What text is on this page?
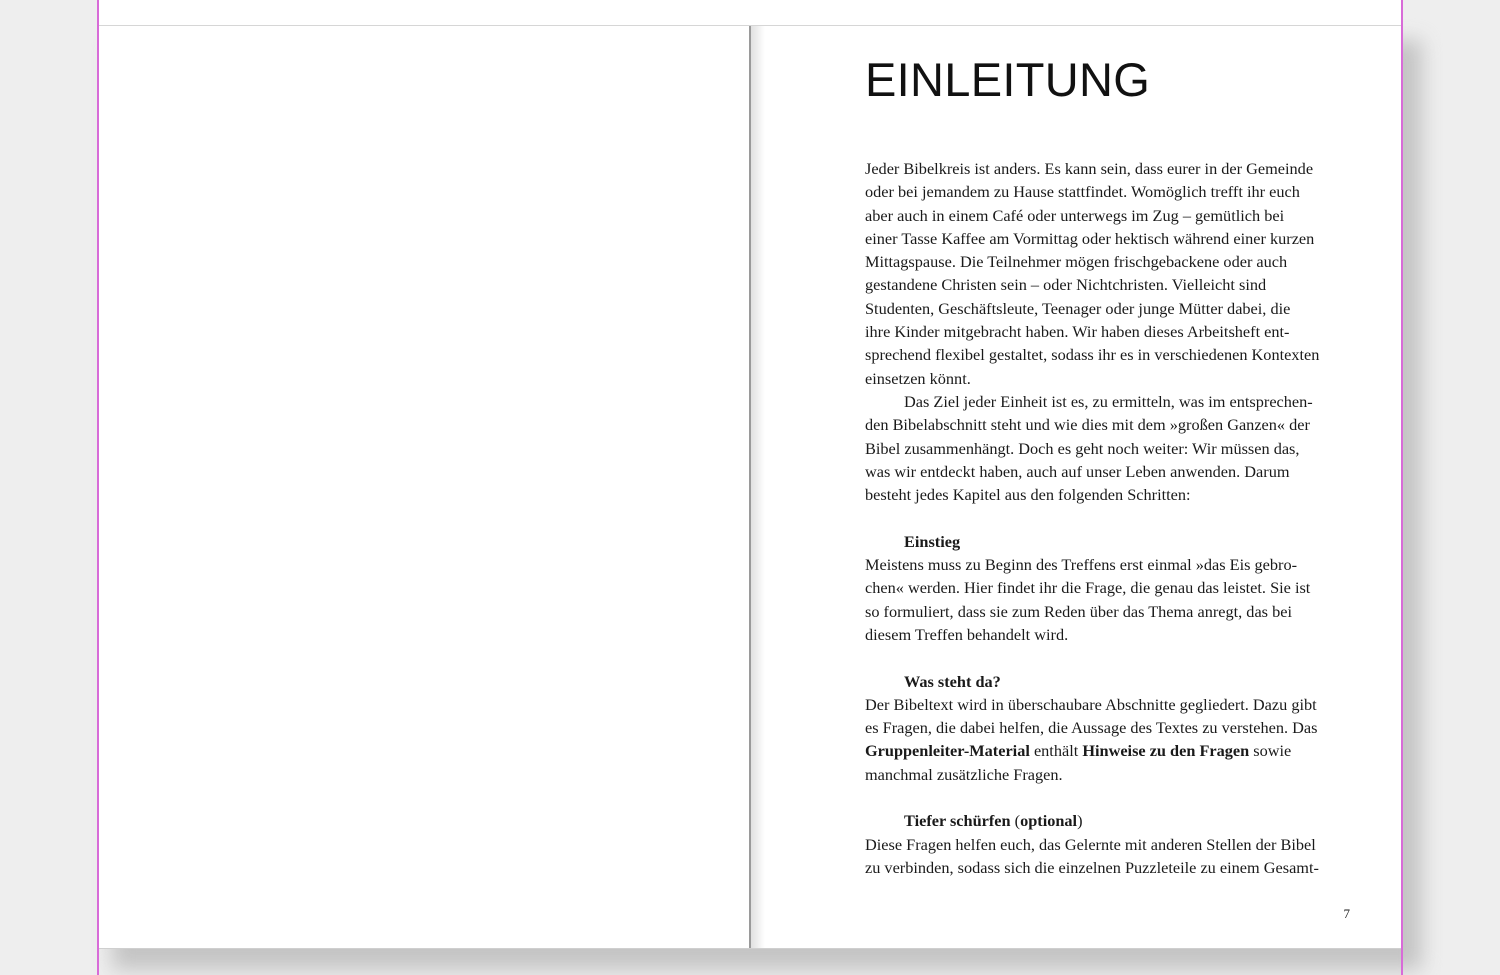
EINLEITUNG
Jeder Bibelkreis ist anders. Es kann sein, dass eurer in der Gemeinde
oder bei jemandem zu Hause stattfindet. Womöglich trefft ihr euch
aber auch in einem Café oder unterwegs im Zug – gemütlich bei
einer Tasse Kaffee am Vormittag oder hektisch während einer kurzen
Mittagspause. Die Teilnehmer mögen frischgebackene oder auch
gestandene Christen sein – oder Nichtchristen. Vielleicht sind
Studenten, Geschäftsleute, Teenager oder junge Mütter dabei, die
ihre Kinder mitgebracht haben. Wir haben dieses Arbeitsheft ent-
sprechend flexibel gestaltet, sodass ihr es in verschiedenen Kontexten
einsetzen könnt.
Das Ziel jeder Einheit ist es, zu ermitteln, was im entsprechen-
den Bibelabschnitt steht und wie dies mit dem »großen Ganzen« der
Bibel zusammenhängt. Doch es geht noch weiter: Wir müssen das,
was wir entdeckt haben, auch auf unser Leben anwenden. Darum
besteht jedes Kapitel aus den folgenden Schritten:
Einstieg
Meistens muss zu Beginn des Treffens erst einmal »das Eis gebro-
chen« werden. Hier findet ihr die Frage, die genau das leistet. Sie ist
so formuliert, dass sie zum Reden über das Thema anregt, das bei
diesem Treffen behandelt wird.
Was steht da?
Der Bibeltext wird in überschaubare Abschnitte gegliedert. Dazu gibt
es Fragen, die dabei helfen, die Aussage des Textes zu verstehen. Das
Gruppenleiter-Material enthält Hinweise zu den Fragen sowie
manchmal zusätzliche Fragen.
Tiefer schürfen (optional)
Diese Fragen helfen euch, das Gelernte mit anderen Stellen der Bibel
zu verbinden, sodass sich die einzelnen Puzzleteile zu einem Gesamt-
7
